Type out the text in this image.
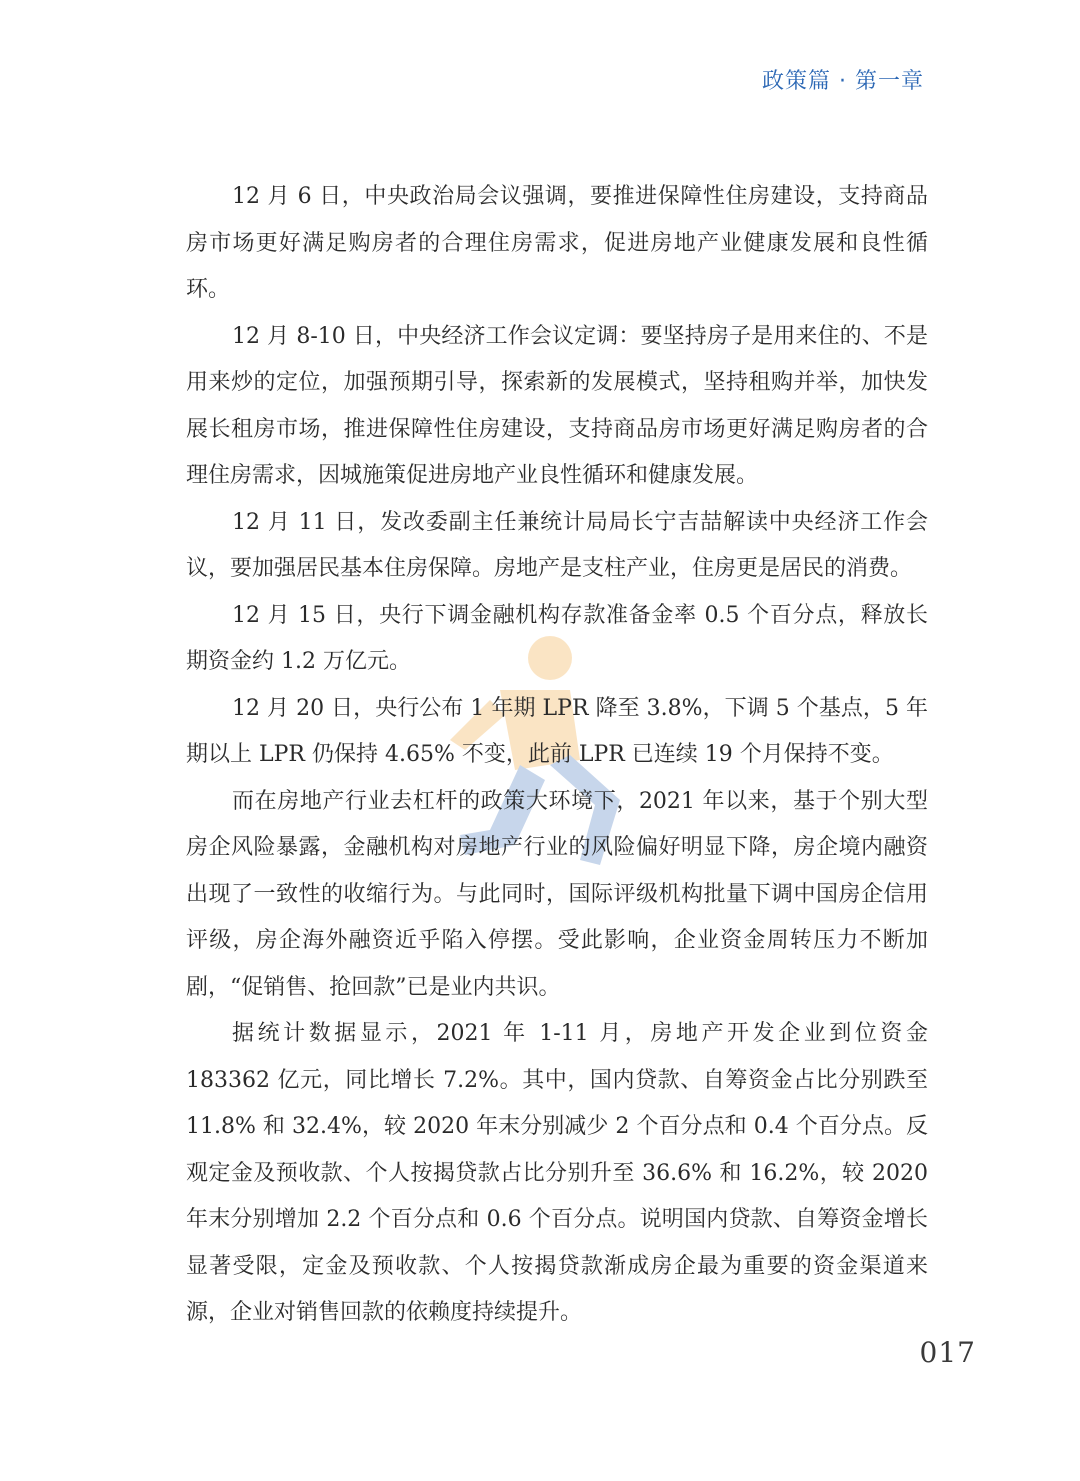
政策篇 · 第一章

12 月 6 日，中央政治局会议强调，要推进保障性住房建设，支持商品房市场更好满足购房者的合理住房需求，促进房地产业健康发展和良性循环。

12 月 8-10 日，中央经济工作会议定调：要坚持房子是用来住的、不是用来炒的定位，加强预期引导，探索新的发展模式，坚持租购并举，加快发展长租房市场，推进保障性住房建设，支持商品房市场更好满足购房者的合理住房需求，因城施策促进房地产业良性循环和健康发展。

12 月 11 日，发改委副主任兼统计局局长宁吉喆解读中央经济工作会议，要加强居民基本住房保障。房地产是支柱产业，住房更是居民的消费。

12 月 15 日，央行下调金融机构存款准备金率 0.5 个百分点，释放长期资金约 1.2 万亿元。

12 月 20 日，央行公布 1 年期 LPR 降至 3.8%，下调 5 个基点，5 年期以上 LPR 仍保持 4.65% 不变，此前 LPR 已连续 19 个月保持不变。

而在房地产行业去杠杆的政策大环境下，2021 年以来，基于个别大型房企风险暴露，金融机构对房地产行业的风险偏好明显下降，房企境内融资出现了一致性的收缩行为。与此同时，国际评级机构批量下调中国房企信用评级，房企海外融资近乎陷入停摆。受此影响，企业资金周转压力不断加剧，“促销售、抢回款”已是业内共识。

据统计数据显示，2021 年 1-11 月，房地产开发企业到位资金 183362 亿元，同比增长 7.2%。其中，国内贷款、自筹资金占比分别跌至 11.8% 和 32.4%，较 2020 年末分别减少 2 个百分点和 0.4 个百分点。反观定金及预收款、个人按揭贷款占比分别升至 36.6% 和 16.2%，较 2020 年末分别增加 2.2 个百分点和 0.6 个百分点。说明国内贷款、自筹资金增长显著受限，定金及预收款、个人按揭贷款渐成房企最为重要的资金渠道来源，企业对销售回款的依赖度持续提升。

017
